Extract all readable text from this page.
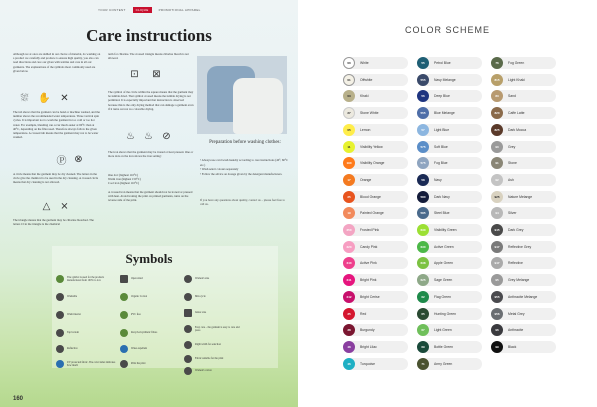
YOUR CONTENT	CLIQUE	PROMOTIONAL APPAREL
Care instructions

Although we at once are skilled in our choice of material, do washing on a product we carefully and produce to ensure high quality, you also can read directions and care our given with textiles and care in all our garments. The explanations of the symbols most commonly used are given below.

⛆ ✋ ✕

The tub shows that the garment can be hand or machine washed, and the number shows the recommended water temperature. Three vertical spin cycles. It is important not to wash the garment in too cold or too hot water. For example, blending can occur much easier at 60°C than at 40°C, depending on the fibre used. Therefore always follow the given temperature. A crossed tub means that the garment may not to be water washed.

Ⓟ ⊗

A circle means that the garment may be dry cleaned. The letters in the circle give the chemical to be used in the dry cleaning. A crossed circle means that dry cleaning is not allowed.

△ ⨯

The triangle means that the garment may be chlorine bleached. The letters Cl in the triangle is the chemical

term for chlorine. The crossed triangle means chlorine bleach is not allowed.

⊡ ⊠

The symbol of the circle within the square means that the garment may be tumble dried. That symbol crossed means the tumble drying is not permitted. It is especially important that instruction is observed because this is the only drying method that can damage a garment even if it turns out not too colorable drying.

♨ ♨ ⊘

The iron shows that the garment may be ironed or heat pressed. One or more dots on the iron shows the iron setting:

One dot: (highest 110°C)
Warm iron (highest 150°C)
Cool iron (highest 110°C)

A crossed iron means that the garment should not be ironed or pressed with heat. Avoid ironing the print on printed garments, turns on the reverse side of the print.

Preparation before washing clothes:
• Always use card wash laundry according to care instructions (40°, 60°C etc.)
• Wash select colours separately
• Follow the advice on dosage given by the detergent manufacturers.

If you have any questions about quality, contact us – please feel free to call us.

Symbols
The symbol is used for the products manufactured from 100% to low
Washable
Wash interior
Tap bottom
Reflective
UV protected fabric. The color index indicates how much
Open sided
Organic Cotton
PVC free
Recycled synthetic fibres
Water-repellent
Print the print
Women's size
Mid-cycle
Junior size
Easy care – the garment is easy to care and press
Right width for selection
Fabric suitable for the print
Women's cotton
160
COLOR SCHEME
00	White
01	Offwhite
03	Khaki
27	Stone White
05	Lemon
11	Visibility Yellow
190	Visibility Orange
17	Orange
25	Blood Orange
19	Painted Orange
250	Frosted Pink
220	Candy Pink
240	Active Pink
241	Bright Pink
242	Bright Cerise
35	Red
38	Burgundy
48	Bright Lilac
46	Turquoise
55	Petrol Blue
555	Navy Melange
56	Deep Blue
555	Blue Melange
57	Light Blue
575	Soft Blue
575	Fog Blue
58	Navy
580	Dark Navy
585	Steel Blue
630	Visibility Green
630	Active Green
638	Apple Green
625	Sage Green
62	Flag Green
65	Hunting Green
67	Light Green
69	Bottle Green
71	Army Green
76	Fog Green
815	Light Khaki
83	Sand
820	Caffe Latte
825	Dark Mocca
90	Grey
91	Stone
92	Ash
925	Nature Melange
94	Silver
945	Dark Grey
947	Reflective Grey
947	Reflective
95	Grey Melange
955	Anthracite Melange
956	Metal Grey
96	Anthracite
99	Black
